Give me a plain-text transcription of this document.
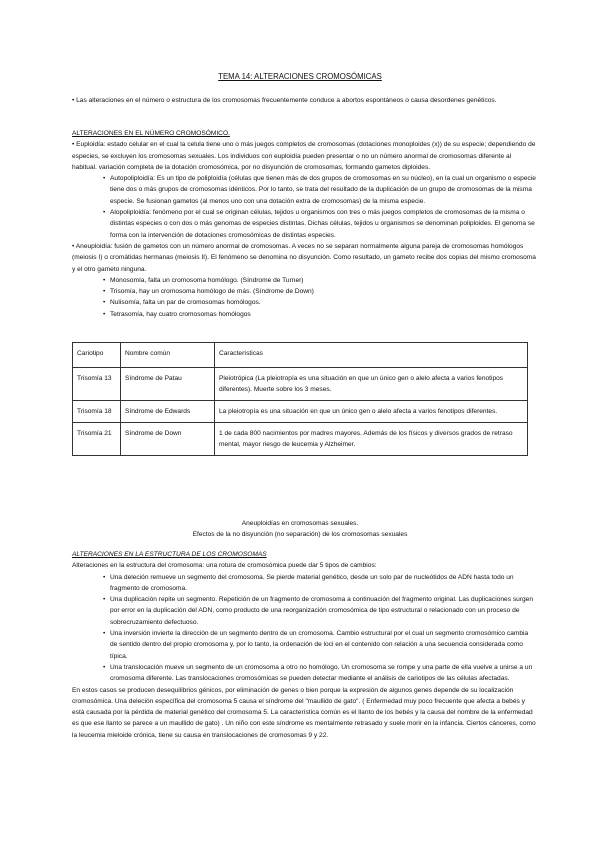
TEMA 14: ALTERACIONES CROMOSÓMICAS

• Las alteraciones en el número o estructura de los cromosomas frecuentemente conduce a abortos espontáneos o causa desordenes genéticos.

ALTERACIONES EN EL NÚMERO CROMOSÓMICO.

• Euploidía: estado celular en el cual la celula tiene uno o más juegos completos de cromosomas (dotaciones monoploides (x)) de su especie; dependiendo de especies, se excluyen los cromosomas sexuales. Los individuos con euploidía pueden presentar o no un número anormal de cromosomas diferente al habitual. variación completa de la dotación cromosómica, por no disyunción de cromosomas, formando gametos diploides.

• Autopoliploidía: Es un tipo de poliploidía (células que tienen más de dos grupos de cromosomas en su núcleo), en la cual un organismo o especie tiene dos o más grupos de cromosomas idénticos. Por lo tanto, se trata del resultado de la duplicación de un grupo de cromosomas de la misma especie. Se fusionan gametos (al menos uno con una dotación extra de cromosomas) de la misma especie.
• Alopoliploidía: fenómeno por el cual se originan células, tejidos u organismos con tres o más juegos completos de cromosomas de la misma o distintas especies o con dos o más genomas de especies distintas. Dichas células, tejidos u organismos se denominan poliploides. El genoma se forma con la intervención de dotaciones cromosómicas de distintas especies.

• Aneuploidía: fusión de gametos con un número anormal de cromosomas. A veces no se separan normalmente alguna pareja de cromosomas homólogos (meiosis I) o cromátidas hermanas (meiosis II). El fenómeno se denomina no disyunción. Como resultado, un gameto recibe dos copias del mismo cromosoma y el otro gameto ninguna.

• Monosomía, falta un cromosoma homólogo. (Síndrome de Turner)
• Trisomía, hay un cromosoma homólogo de más. (Síndrome de Down)
• Nulisomía, falta un par de cromosomas homólogos.
• Tetrasomía, hay cuatro cromosomas homólogos
Cariotipo	Nombre común	Características
Trisomía 13	Síndrome de Patau	Pleiotrópica (La pleiotropía es una situación en que un único gen o alelo afecta a varios fenotipos diferentes). Muerte sobre los 3 meses.
Trisomía 18	Síndrome de Edwards	La pleiotropía es una situación en que un único gen o alelo afecta a varios fenotipos diferentes.
Trisomía 21	Síndrome de Down	1 de cada 800 nacimientos por madres mayores. Además de los físicos y diversos grados de retraso mental, mayor riesgo de leucemia y Alzheimer.
Aneuploidías en cromosomas sexuales.
Efectos de la no disyunción (no separación) de los cromosomas sexuales

ALTERACIONES EN LA ESTRUCTURA DE LOS CROMOSOMAS

Alteraciones en la estructura del cromosoma: una rotura de cromosómica puede dar 5 tipos de cambios:

• Una deleción remueve un segmento del cromosoma. Se pierde material genético, desde un solo par de nucleótidos de ADN hasta todo un fragmento de cromosoma.
• Una duplicación repite un segmento. Repetición de un fragmento de cromosoma a continuación del fragmento original. Las duplicaciones surgen por error en la duplicación del ADN, como producto de una reorganización cromosómica de tipo estructural o relacionado con un proceso de sobrecruzamiento defectuoso.
• Una inversión invierte la dirección de un segmento dentro de un cromosoma. Cambio estructural por el cual un segmento cromosómico cambia de sentido dentro del propio cromosoma y, por lo tanto, la ordenación de loci en el contenido con relación a una secuencia considerada como típica.
• Una translocación mueve un segmento de un cromosoma a otro no homólogo. Un cromosoma se rompe y una parte de ella vuelve a unirse a un cromosoma diferente. Las translocaciones cromosómicas se pueden detectar mediante el análisis de cariotipos de las células afectadas.

En estos casos se producen desequilibrios génicos, por eliminación de genes o bien porque la expresión de algunos genes depende de su localización cromosómica. Una deleción específica del cromosoma 5 causa el síndrome del "maullido de gato". ( Enfermedad muy poco frecuente que afecta a bebés y está causada por la pérdida de material genético del cromosoma 5. La característica común es el llanto de los bebés y la causa del nombre de la enfermedad es que ese llanto se parece a un maullido de gato) . Un niño con este síndrome es mentalmente retrasado y suele morir en la infancia. Ciertos cánceres, como la leucemia mieloide crónica, tiene su causa en translocaciones de cromosomas 9 y 22.
